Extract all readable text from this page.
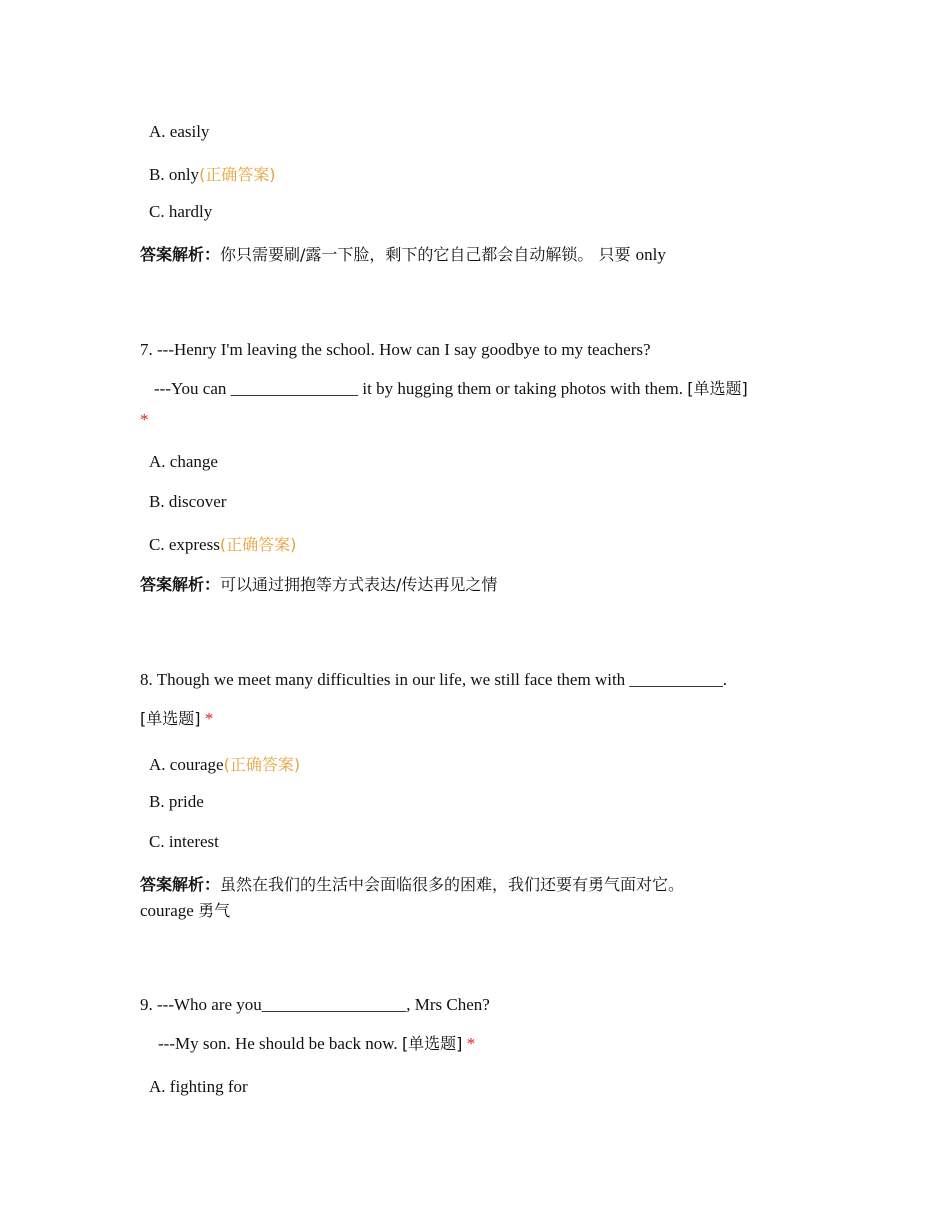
A. easily
B. only(正确答案)
C. hardly
答案解析：你只需要刷/露一下脸，剩下的它自己都会自动解锁。 只要 only
7. ---Henry I'm leaving the school. How can I say goodbye to my teachers?
---You can _______________ it by hugging them or taking photos with them. [单选题]
*
A. change
B. discover
C. express(正确答案)
答案解析：可以通过拥抱等方式表达/传达再见之情
8. Though we meet many difficulties in our life, we still face them with ___________.
[单选题] *
A. courage(正确答案)
B. pride
C. interest
答案解析：虽然在我们的生活中会面临很多的困难，我们还要有勇气面对它。
courage 勇气
9. ---Who are you_________________, Mrs Chen?
---My son. He should be back now. [单选题] *
A. fighting for
